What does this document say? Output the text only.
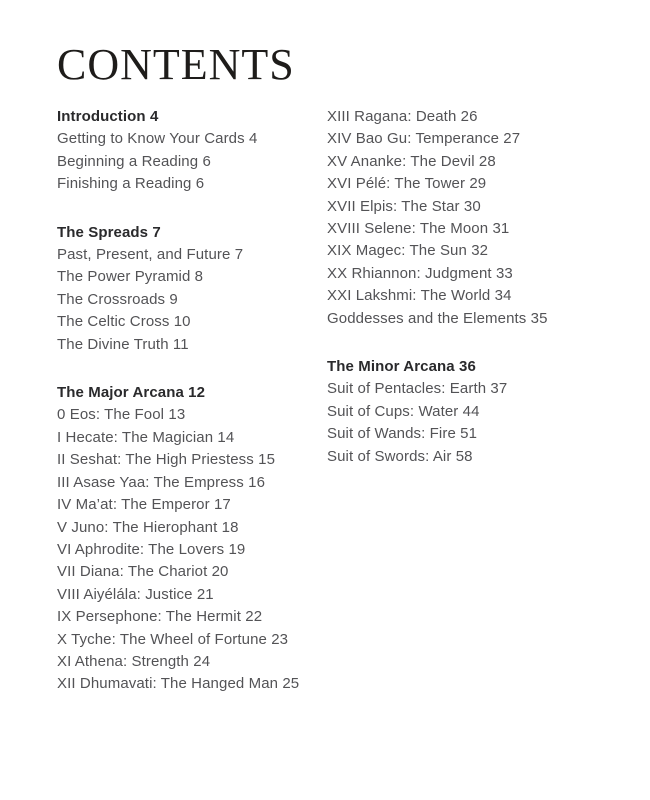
CONTENTS
Introduction 4
Getting to Know Your Cards 4
Beginning a Reading 6
Finishing a Reading 6
The Spreads 7
Past, Present, and Future 7
The Power Pyramid 8
The Crossroads 9
The Celtic Cross 10
The Divine Truth 11
The Major Arcana 12
0 Eos: The Fool 13
I Hecate: The Magician 14
II Seshat: The High Priestess 15
III Asase Yaa: The Empress 16
IV Ma’at: The Emperor 17
V Juno: The Hierophant 18
VI Aphrodite: The Lovers 19
VII Diana: The Chariot 20
VIII Aiyélála: Justice 21
IX Persephone: The Hermit 22
X Tyche: The Wheel of Fortune 23
XI Athena: Strength 24
XII Dhumavati: The Hanged Man 25
XIII Ragana: Death 26
XIV Bao Gu: Temperance 27
XV Ananke: The Devil 28
XVI Pélé: The Tower 29
XVII Elpis: The Star 30
XVIII Selene: The Moon 31
XIX Magec: The Sun 32
XX Rhiannon: Judgment 33
XXI Lakshmi: The World 34
Goddesses and the Elements 35
The Minor Arcana 36
Suit of Pentacles: Earth 37
Suit of Cups: Water 44
Suit of Wands: Fire 51
Suit of Swords: Air 58
